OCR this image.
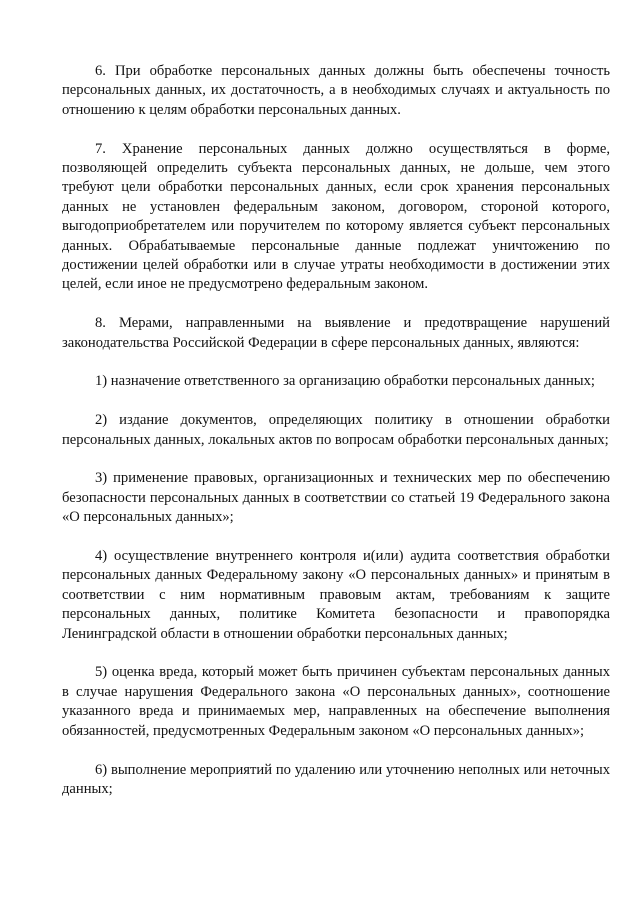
6. При обработке персональных данных должны быть обеспечены точность персональных данных, их достаточность, а в необходимых случаях и актуальность по отношению к целям обработки персональных данных.

7. Хранение персональных данных должно осуществляться в форме, позволяющей определить субъекта персональных данных, не дольше, чем этого требуют цели обработки персональных данных, если срок хранения персональных данных не установлен федеральным законом, договором, стороной которого, выгодоприобретателем или поручителем по которому является субъект персональных данных. Обрабатываемые персональные данные подлежат уничтожению по достижении целей обработки или в случае утраты необходимости в достижении этих целей, если иное не предусмотрено федеральным законом.

8. Мерами, направленными на выявление и предотвращение нарушений законодательства Российской Федерации в сфере персональных данных, являются:

1) назначение ответственного за организацию обработки персональных данных;

2) издание документов, определяющих политику в отношении обработки персональных данных, локальных актов по вопросам обработки персональных данных;

3) применение правовых, организационных и технических мер по обеспечению безопасности персональных данных в соответствии со статьей 19 Федерального закона «О персональных данных»;

4) осуществление внутреннего контроля и(или) аудита соответствия обработки персональных данных Федеральному закону «О персональных данных» и принятым в соответствии с ним нормативным правовым актам, требованиям к защите персональных данных, политике Комитета безопасности и правопорядка Ленинградской области в отношении обработки персональных данных;

5) оценка вреда, который может быть причинен субъектам персональных данных в случае нарушения Федерального закона «О персональных данных», соотношение указанного вреда и принимаемых мер, направленных на обеспечение выполнения обязанностей, предусмотренных Федеральным законом «О персональных данных»;

6) выполнение мероприятий по удалению или уточнению неполных или неточных данных;
